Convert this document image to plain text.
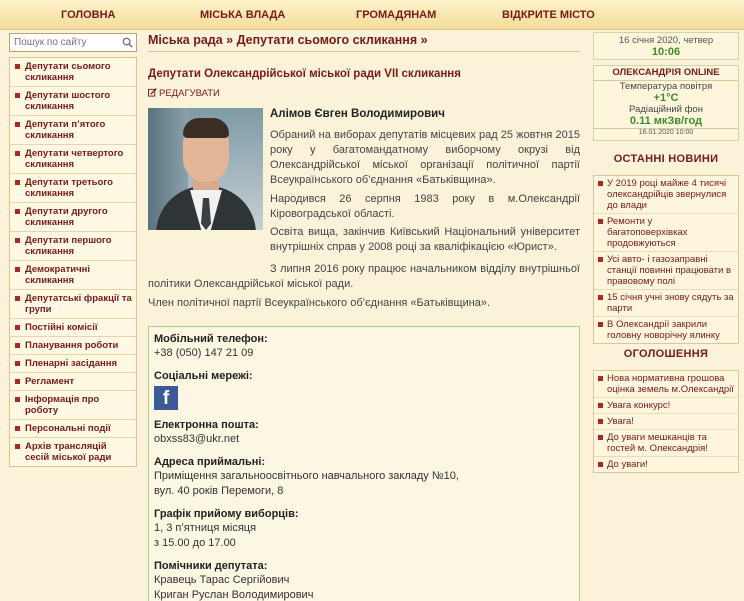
ГОЛОВНА	МІСЬКА ВЛАДА	ГРОМАДЯНАМ	ВІДКРИТЕ МІСТО
Пошук по сайту
Депутати сьомого скликання
Депутати шостого скликання
Депутати п’ятого скликання
Депутати четвертого скликання
Депутати третього скликання
Депутати другого скликання
Депутати першого скликання
Демократичні скликання
Депутатські фракції та групи
Постійні комісії
Планування роботи
Пленарні засідання
Регламент
Інформація про роботу
Персональні події
Архів трансляцій сесій міської ради
Міська рада » Депутати сьомого скликання »
Депутати Олександрійської міської ради VII скликання
РЕДАГУВАТИ
Алімов Євген Володимирович

Обраний на виборах депутатів місцевих рад 25 жовтня 2015 року у багатомандатному виборчому окрузі від Олександрійської міської організації політичної партії Всеукраїнського об’єднання «Батьківщина».

Народився 26 серпня 1983 року в м.Олександрії Кіровоградської області.

Освіта вища, закінчив Київський Національний університет внутрішніх справ у 2008 році за кваліфікацією «Юрист».

З липня 2016 року працює начальником відділу внутрішньої політики Олександрійської міської ради.

Член політичної партії Всеукраїнського об’єднання «Батьківщина».

Мобільний телефон:
+38 (050) 147 21 09
Соціальні мережі:
f
Електронна пошта:
obxss83@ukr.net
Адреса приймальні:
Приміщення загальноосвітнього навчального закладу №10,
вул. 40 років Перемоги, 8
Графік прийому виборців:
1, 3 п’ятниця місяця
з 15.00 до 17.00
Помічники депутата:
Кравець Тарас Сергійович
Криган Руслан Володимирович
16 січня 2020, четвер
10:06
ОЛЕКСАНДРІЯ ONLINE
Температура повітря
+1°C
Радіаційний фон
0.11 мкЗв/год
16.01.2020 10:00
ОСТАННІ НОВИНИ
У 2019 році майже 4 тисячі олександрійців звернулися до влади
Ремонти у багатоповерхівках продовжуються
Усі авто- і газозаправні станції повинні працювати в правовому полі
15 січня учні знову сядуть за парти
В Олександрії закрили головну новорічну ялинку
ОГОЛОШЕННЯ
Нова нормативна грошова оцінка земель м.Олександрії
Увага конкурс!
Увага!
До уваги мешканців та гостей м. Олександрія!
До уваги!
